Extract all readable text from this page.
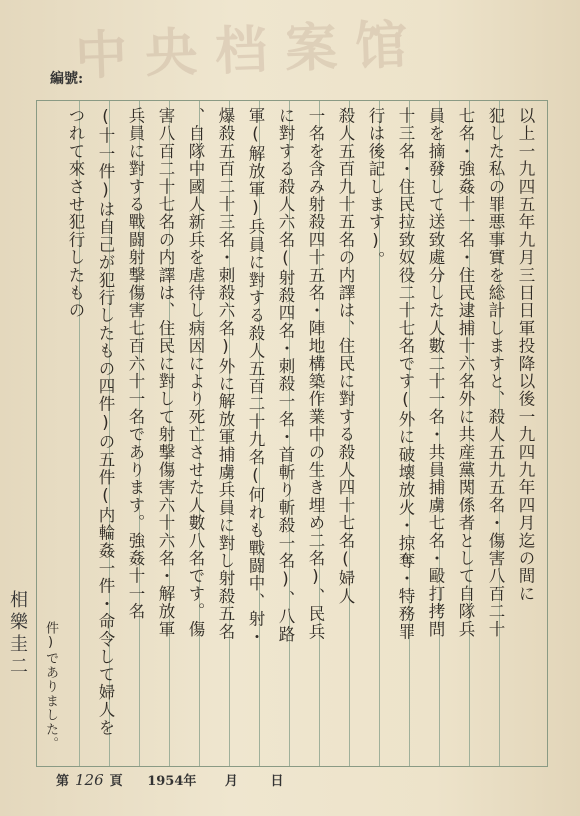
中央档案馆
編號:
以上一九四五年九月三日日軍投降以後一九四九年四月迄の間に
犯した私の罪悪事實を総計しますと、殺人五九五名・傷害八百二十
七名・強姦十一名・住民逮捕十六名外に共産黨関係者として自隊兵
員を摘發して送致處分した人數二十一名・共員捕虜七名・毆打拷問
十三名・住民拉致奴役二十七名です(外に破壊放火・掠奪・特務罪
行は後記します)。
殺人五百九十五名の内譯は、住民に對する殺人四十七名(婦人
一名を含み射殺四十五名・陣地構築作業中の生き埋め二名)、民兵
に對する殺人六名(射殺四名・刺殺一名・首斬り斬殺一名)、八路
軍(解放軍)兵員に對する殺人五百二十九名(何れも戰闘中、射・
爆殺五百二十三名・刺殺六名)外に解放軍捕虜兵員に對し射殺五名
、自隊中國人新兵を虐待し病因により死亡させた人數八名です。傷
害八百二十七名の内譯は、住民に對して射撃傷害六十六名・解放軍
兵員に對する戰闘射撃傷害七百六十一名であります。強姦十一名
(十一件)は自己が犯行したもの四件)の五件(内輪姦一件・命令して婦人を
つれて來させ犯行したもの
件)でありました。
相樂圭二
第 126 頁 1954年 月	日
